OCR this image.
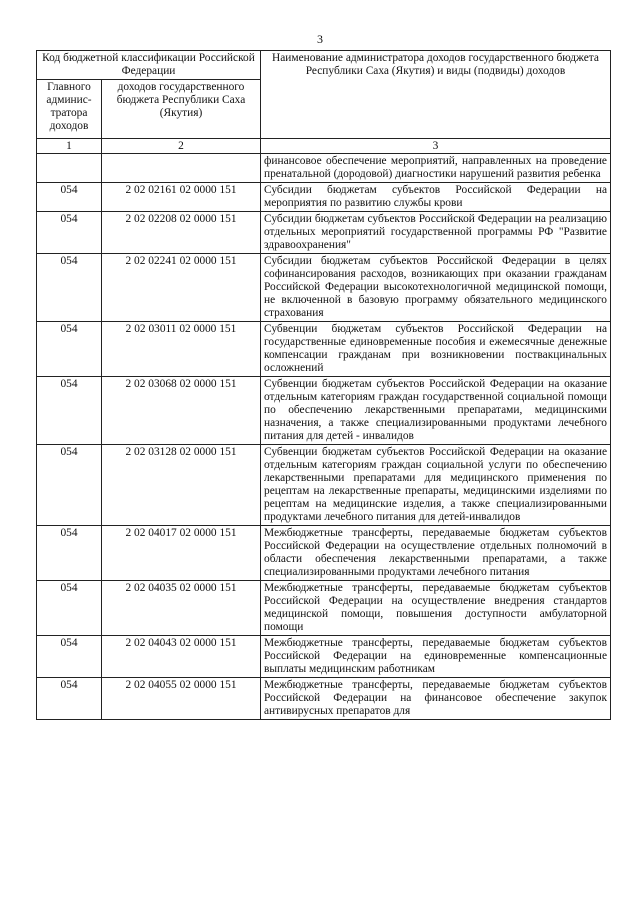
3
Код бюджетной классификации Российской Федерации		Наименование администратора доходов государственного бюджета Республики Саха (Якутия) и виды (подвиды) доходов
Главного админис-тратора доходов	доходов государственного бюджета Республики Саха (Якутия)	
1	2	3
		финансовое обеспечение мероприятий, направленных на проведение пренатальной (дородовой) диагностики нарушений развития ребенка
054	2 02 02161 02 0000 151	Субсидии бюджетам субъектов Российской Федерации на мероприятия по развитию службы крови
054	2 02 02208 02 0000 151	Субсидии бюджетам субъектов Российской Федерации на реализацию отдельных мероприятий государственной программы РФ "Развитие здравоохранения"
054	2 02 02241 02 0000 151	Субсидии бюджетам субъектов Российской Федерации в целях софинансирования расходов, возникающих при оказании гражданам Российской Федерации высокотехнологичной медицинской помощи, не включенной в базовую программу обязательного медицинского страхования
054	2 02 03011 02 0000 151	Субвенции бюджетам субъектов Российской Федерации на государственные единовременные пособия и ежемесячные денежные компенсации гражданам при возникновении поствакцинальных осложнений
054	2 02 03068 02 0000 151	Субвенции бюджетам субъектов Российской Федерации на оказание отдельным категориям граждан государственной социальной помощи по обеспечению лекарственными препаратами, медицинскими назначения, а также специализированными продуктами лечебного питания для детей - инвалидов
054	2 02 03128 02 0000 151	Субвенции бюджетам субъектов Российской Федерации на оказание отдельным категориям граждан социальной услуги по обеспечению лекарственными препаратами для медицинского применения по рецептам на лекарственные препараты, медицинскими изделиями по рецептам на медицинские изделия, а также специализированными продуктами лечебного питания для детей-инвалидов
054	2 02 04017 02 0000 151	Межбюджетные трансферты, передаваемые бюджетам субъектов Российской Федерации на осуществление отдельных полномочий в области обеспечения лекарственными препаратами, а также специализированными продуктами лечебного питания
054	2 02 04035 02 0000 151	Межбюджетные трансферты, передаваемые бюджетам субъектов Российской Федерации на осуществление внедрения стандартов медицинской помощи, повышения доступности амбулаторной помощи
054	2 02 04043 02 0000 151	Межбюджетные трансферты, передаваемые бюджетам субъектов Российской Федерации на единовременные компенсационные выплаты медицинским работникам
054	2 02 04055 02 0000 151	Межбюджетные трансферты, передаваемые бюджетам субъектов Российской Федерации на финансовое обеспечение закупок антивирусных препаратов для
